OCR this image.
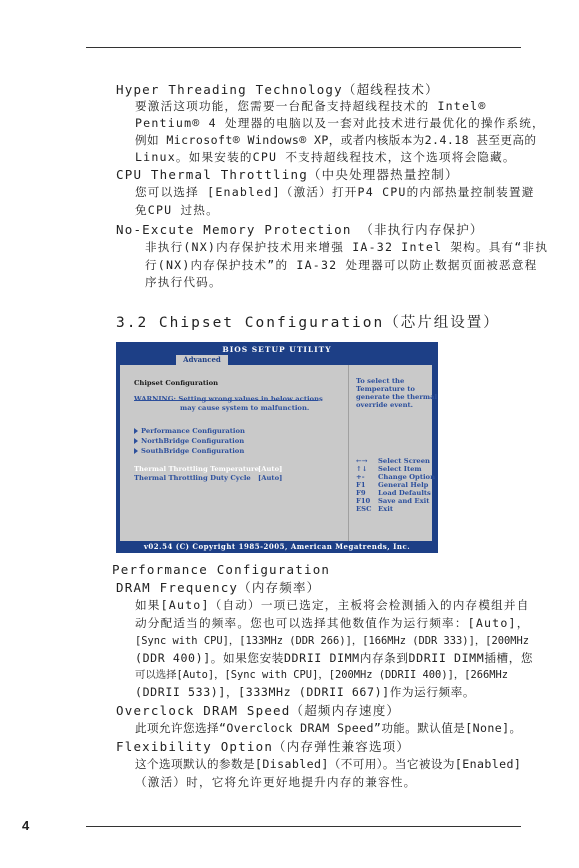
Hyper Threading Technology（超线程技术）
要激活这项功能，您需要一台配备支持超线程技术的 Intel®
Pentium® 4 处理器的电脑以及一套对此技术进行最优化的操作系统，
例如 Microsoft® Windows® XP，或者内核版本为2.4.18 甚至更高的
Linux。如果安装的CPU 不支持超线程技术，这个选项将会隐藏。
CPU Thermal Throttling（中央处理器热量控制）
您可以选择 [Enabled]（激活）打开P4 CPU的内部热量控制装置避
免CPU 过热。
No-Excute Memory Protection （非执行内存保护）
非执行(NX)内存保护技术用来增强 IA-32 Intel 架构。具有“非执
行(NX)内存保护技术”的 IA-32 处理器可以防止数据页面被恶意程
序执行代码。
3.2 Chipset Configuration（芯片组设置）
BIOS SETUP UTILITY
Advanced
Chipset Configuration
WARNING: Setting wrong values in below actions
may cause system to malfunction.
Performance Configuration
NorthBridge Configuration
SouthBridge Configuration
Thermal Throttling Temperature [Auto]
Thermal Throttling Duty Cycle [Auto]
To select the
Temperature to
generate the thermal
override event.
←→ Select Screen
↑↓ Select Item
+- Change Option
F1 General Help
F9 Load Defaults
F10 Save and Exit
ESC Exit
v02.54 (C) Copyright 1985-2005, American Megatrends, Inc.
Performance Configuration
DRAM Frequency（内存频率）
如果[Auto]（自动）一项已选定，主板将会检测插入的内存模组并自
动分配适当的频率。您也可以选择其他数值作为运行频率：[Auto]，
[Sync with CPU]，[133MHz (DDR 266)]，[166MHz (DDR 333)]，[200MHz
(DDR 400)]。如果您安装DDRII DIMM内存条到DDRII DIMM插槽，您
可以选择[Auto]，[Sync with CPU]，[200MHz (DDRII 400)]，[266MHz
(DDRII 533)]，[333MHz (DDRII 667)]作为运行频率。
Overclock DRAM Speed（超频内存速度）
此项允许您选择“Overclock DRAM Speed”功能。默认值是[None]。
Flexibility Option（内存弹性兼容选项）
这个选项默认的参数是[Disabled]（不可用）。当它被设为[Enabled]
（激活）时，它将允许更好地提升内存的兼容性。
4
